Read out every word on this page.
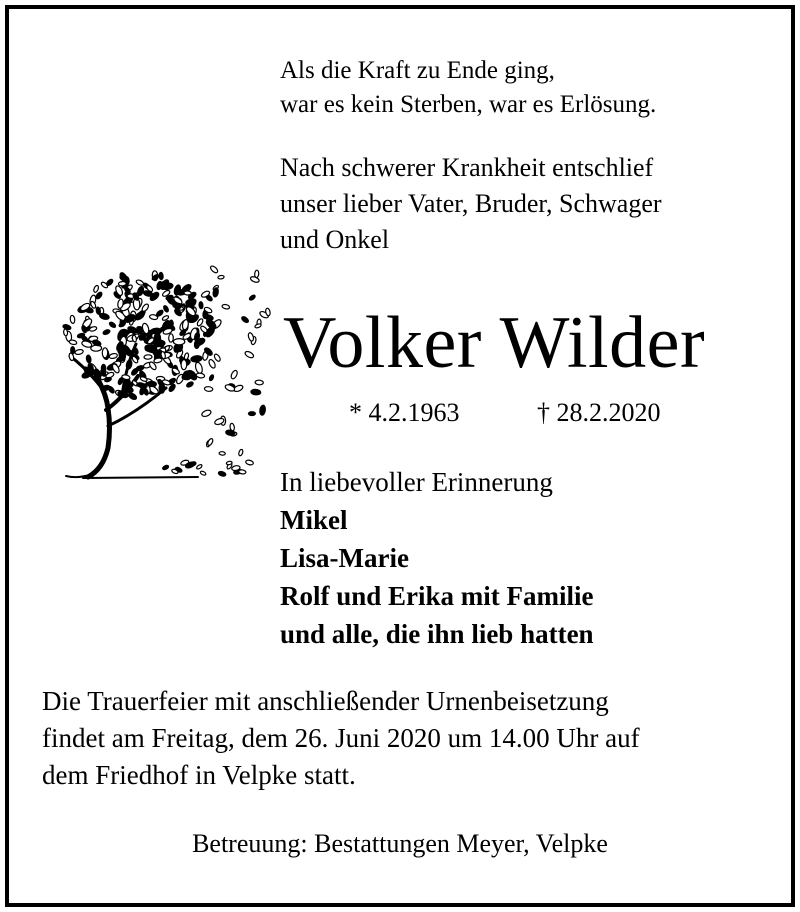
Als die Kraft zu Ende ging,
war es kein Sterben, war es Erlösung.

Nach schwerer Krankheit entschlief
unser lieber Vater, Bruder, Schwager
und Onkel

Volker Wilder
* 4.2.1963	† 28.2.2020
In liebevoller Erinnerung
Mikel
Lisa-Marie
Rolf und Erika mit Familie
und alle, die ihn lieb hatten
Die Trauerfeier mit anschließender Urnenbeisetzung
findet am Freitag, dem 26. Juni 2020 um 14.00 Uhr auf
dem Friedhof in Velpke statt.
Betreuung: Bestattungen Meyer, Velpke
